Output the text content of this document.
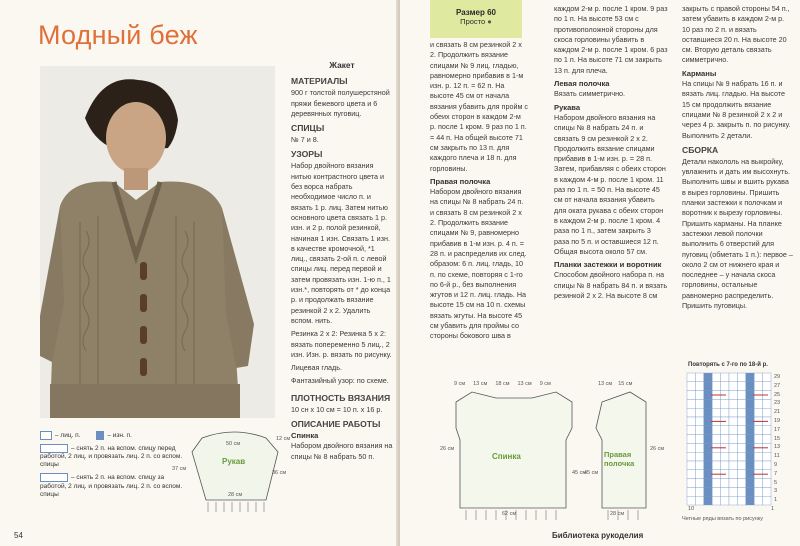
Модный беж
Жакет
МАТЕРИАЛЫ

900 г толстой полушерстяной пряжи бежевого цвета и 6 деревянных пуговиц.

СПИЦЫ

№ 7 и 8.

УЗОРЫ

Набор двойного вязания нитью контрастного цвета и без ворса набрать необходимое число п. и вязать 1 р. лиц. Затем нитью основного цвета связать 1 р. изн. и 2 р. полой резинкой, начиная 1 изн. Связать 1 изн. в качестве кромочной, *1 лиц., связать 2-ой п. с левой спицы лиц. перед первой и затем провязать изн. 1-ю п., 1 изн.*, повторять от * до конца р. и продолжать вязание резинкой 2 х 2. Удалить вспом. нить.

Резинка 2 х 2: Резинка 5 х 2: вязать попеременно 5 лиц., 2 изн. Изн. р. вязать по рисунку.

Лицевая гладь.

Фантазийный узор: по схеме.

ПЛОТНОСТЬ ВЯЗАНИЯ

10 сн х 10 см = 10 п. х 16 р.

ОПИСАНИЕ РАБОТЫ
Спинка

Набором двойного вязания на спицы № 8 набрать 50 п.

– лиц. п.	– изн. п.
– снять 2 п. на вспом. спицу перед работой, 2 лиц. и провязать лиц. 2 п. со вспом. спицы
– снять 2 п. на вспом. спицу за работой, 2 лиц. и провязать лиц. 2 п. со вспом. спицы
Рукав
50 см
28 см
37 см
36 см
12 см
54
Размер 60
Просто ●

и связать 8 см резинкой 2 х 2. Продолжить вязание спицами № 9 лиц. гладью, равномерно прибавив в 1-м изн. р. 12 п. = 62 п. На высоте 45 см от начала вязания убавить для пройм с обеих сторон в каждом 2-м р. после 1 кром. 9 раз по 1 п. = 44 п. На общей высоте 71 см закрыть по 13 п. для каждого плеча и 18 п. для горловины.

Правая полочка

Набором двойного вязания на спицы № 8 набрать 24 п. и связать 8 см резинкой 2 х 2. Продолжить вязание спицами № 9, равномерно прибавив в 1-м изн. р. 4 п. = 28 п. и распределив их след. образом: 6 п. лиц. гладь, 10 п. по схеме, повторяя с 1-го по 6-й р., без выполнения жгутов и 12 п. лиц. гладь. На высоте 15 см на 10 п. схемы вязать жгуты. На высоте 45 см убавить для проймы со стороны бокового шва в

каждом 2-м р. после 1 кром. 9 раз по 1 п. На высоте 53 см с противоположной стороны для скоса горловины убавить в каждом 2-м р. после 1 кром. 6 раз по 1 п. На высоте 71 см закрыть 13 п. для плеча.

Левая полочка

Вязать симметрично.

Рукава

Набором двойного вязания на спицы № 8 набрать 24 п. и связать 9 см резинкой 2 х 2. Продолжить вязание спицами прибавив в 1-м изн. р. = 28 п. Затем, прибавляя с обеих сторон в каждом 4-м р. после 1 кром. 11 раз по 1 п. = 50 п. На высоте 45 см от начала вязания убавить для оката рукава с обеих сторон в каждом 2-м р. после 1 кром. 4 раза по 1 п., затем закрыть 3 раза по 5 п. и оставшиеся 12 п. Общая высота около 57 см.

Планки застежки и воротник

Способом двойного набора п. на спицы № 8 набрать 84 п. и вязать резинкой 2 х 2. На высоте 8 см

закрыть с правой стороны 54 п., затем убавить в каждом 2-м р. 10 раз по 2 п. и вязать оставшиеся 20 п. На высоте 20 см. Вторую деталь связать симметрично.

Карманы

На спицы № 9 набрать 16 п. и вязать лиц. гладью. На высоте 15 см продолжить вязание спицами № 8 резинкой 2 х 2 и через 4 р. закрыть п. по рисунку. Выполнить 2 детали.

СБОРКА

Детали накололь на выкройку, увлажнить и дать им высохнуть. Выполнить швы и вшить рукава в вырез горловины. Пришить планки застежки к полочкам и воротник к вырезу горловины. Пришить карманы. На планке застежки левой полочки выполнить 6 отверстий для пуговиц (обметать 1 п.): первое – около 2 см от нижнего края и последнее – у начала скоса горловины, остальные равномерно распределить. Пришить пуговицы.

Спинка
9 см 13 см 18 см 13 см 9 см
62 см
26 см
45 см
Правая полочка
13 см 15 см
28 см
45 см
26 см
Повторять с 7-го по 18-й р.
29
27
25
23
21
19
17
15
13
11
9
7
5
3
1
10	1
Четные ряды вязать по рисунку
Библиотека рукоделия
